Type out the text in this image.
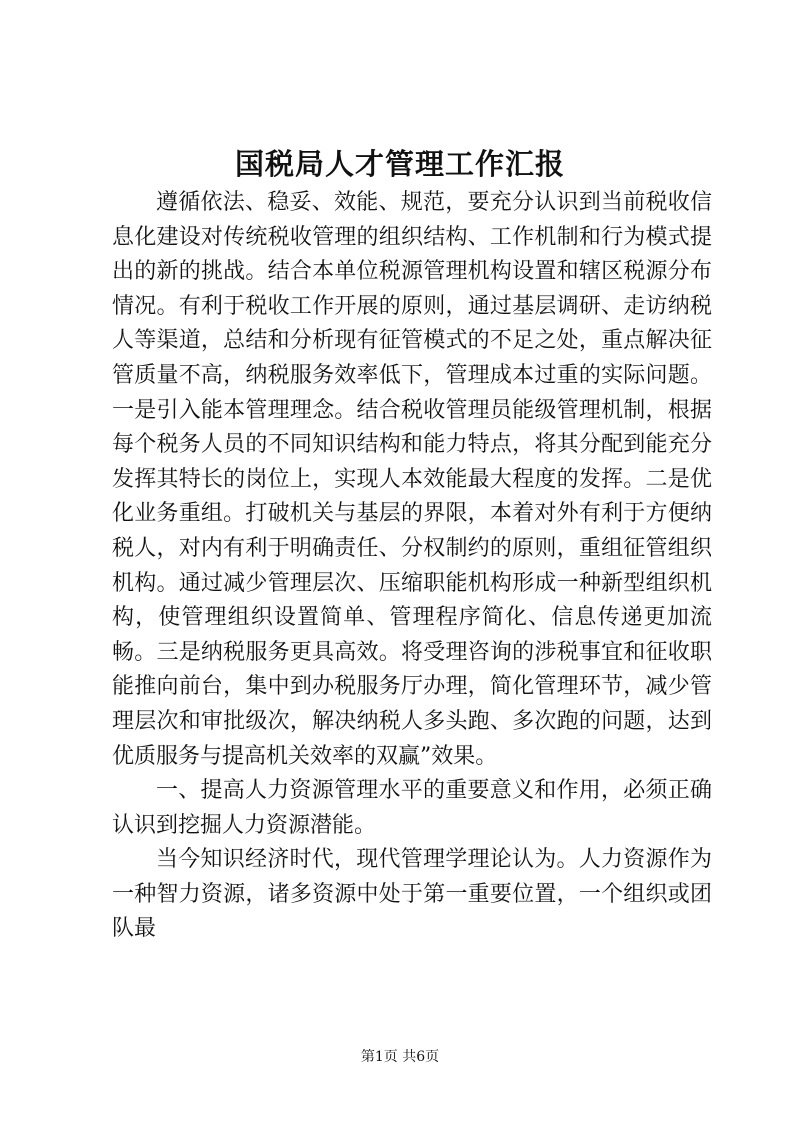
国税局人才管理工作汇报

遵循依法、稳妥、效能、规范，要充分认识到当前税收信息化建设对传统税收管理的组织结构、工作机制和行为模式提出的新的挑战。结合本单位税源管理机构设置和辖区税源分布情况。有利于税收工作开展的原则，通过基层调研、走访纳税人等渠道，总结和分析现有征管模式的不足之处，重点解决征管质量不高，纳税服务效率低下，管理成本过重的实际问题。一是引入能本管理理念。结合税收管理员能级管理机制，根据每个税务人员的不同知识结构和能力特点，将其分配到能充分发挥其特长的岗位上，实现人本效能最大程度的发挥。二是优化业务重组。打破机关与基层的界限，本着对外有利于方便纳税人，对内有利于明确责任、分权制约的原则，重组征管组织机构。通过减少管理层次、压缩职能机构形成一种新型组织机构，使管理组织设置简单、管理程序简化、信息传递更加流畅。三是纳税服务更具高效。将受理咨询的涉税事宜和征收职能推向前台，集中到办税服务厅办理，简化管理环节，减少管理层次和审批级次，解决纳税人多头跑、多次跑的问题，达到优质服务与提高机关效率的双赢”效果。

一、提高人力资源管理水平的重要意义和作用，必须正确认识到挖掘人力资源潜能。

当今知识经济时代，现代管理学理论认为。人力资源作为一种智力资源，诸多资源中处于第一重要位置，一个组织或团队最

第1页 共6页
